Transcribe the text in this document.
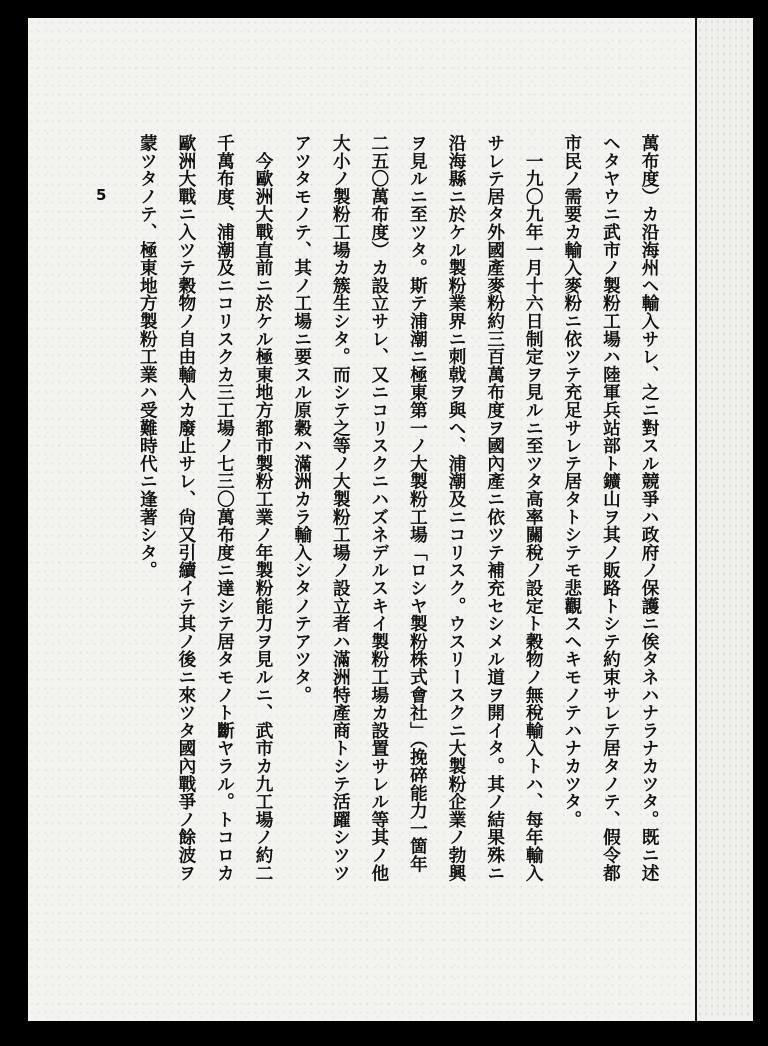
5	萬布度）カ沿海州ヘ輸入サレ、之ニ對スル競爭ハ政府ノ保護ニ俟タネハナラナカツタ。既ニ述
ヘタヤウニ武市ノ製粉工場ハ陸軍兵站部ト鑛山ヲ其ノ販路トシテ約束サレテ居タノテ、假令都
市民ノ需要カ輸入麥粉ニ依ツテ充足サレテ居タトシテモ悲觀スヘキモノテハナカツタ。
　一九〇九年一月十六日制定ヲ見ルニ至ツタ高率關稅ノ設定ト穀物ノ無稅輸入トハ、每年輸入
サレテ居タ外國產麥粉約三百萬布度ヲ國內產ニ依ツテ補充セシメル道ヲ開イタ。其ノ結果殊ニ
沿海縣ニ於ケル製粉業界ニ刺戟ヲ與ヘ、浦潮及ニコリスク。ウスリースクニ大製粉企業ノ勃興
ヲ見ルニ至ツタ。斯テ浦潮ニ極東第一ノ大製粉工場「ロシヤ製粉株式會社」（挽碎能力一箇年
二五〇萬布度）カ設立サレ、又ニコリスクニハズネデルスキイ製粉工場カ設置サレル等其ノ他
大小ノ製粉工場カ簇生シタ。而シテ之等ノ大製粉工場ノ設立者ハ滿洲特產商トシテ活躍シツツ
アツタモノテ、其ノ工場ニ要スル原穀ハ滿洲カラ輸入シタノテアツタ。
　今歐洲大戰直前ニ於ケル極東地方都市製粉工業ノ年製粉能力ヲ見ルニ、武市カ九工場ノ約二
千萬布度、浦潮及ニコリスクカ三工場ノ七三〇萬布度ニ達シテ居タモノト斷ヤラル。トコロカ
歐洲大戰ニ入ツテ穀物ノ自由輸入カ廢止サレ、尙又引續イテ其ノ後ニ來ツタ國內戰爭ノ餘波ヲ
蒙ツタノテ、極東地方製粉工業ハ受難時代ニ逢著シタ。
